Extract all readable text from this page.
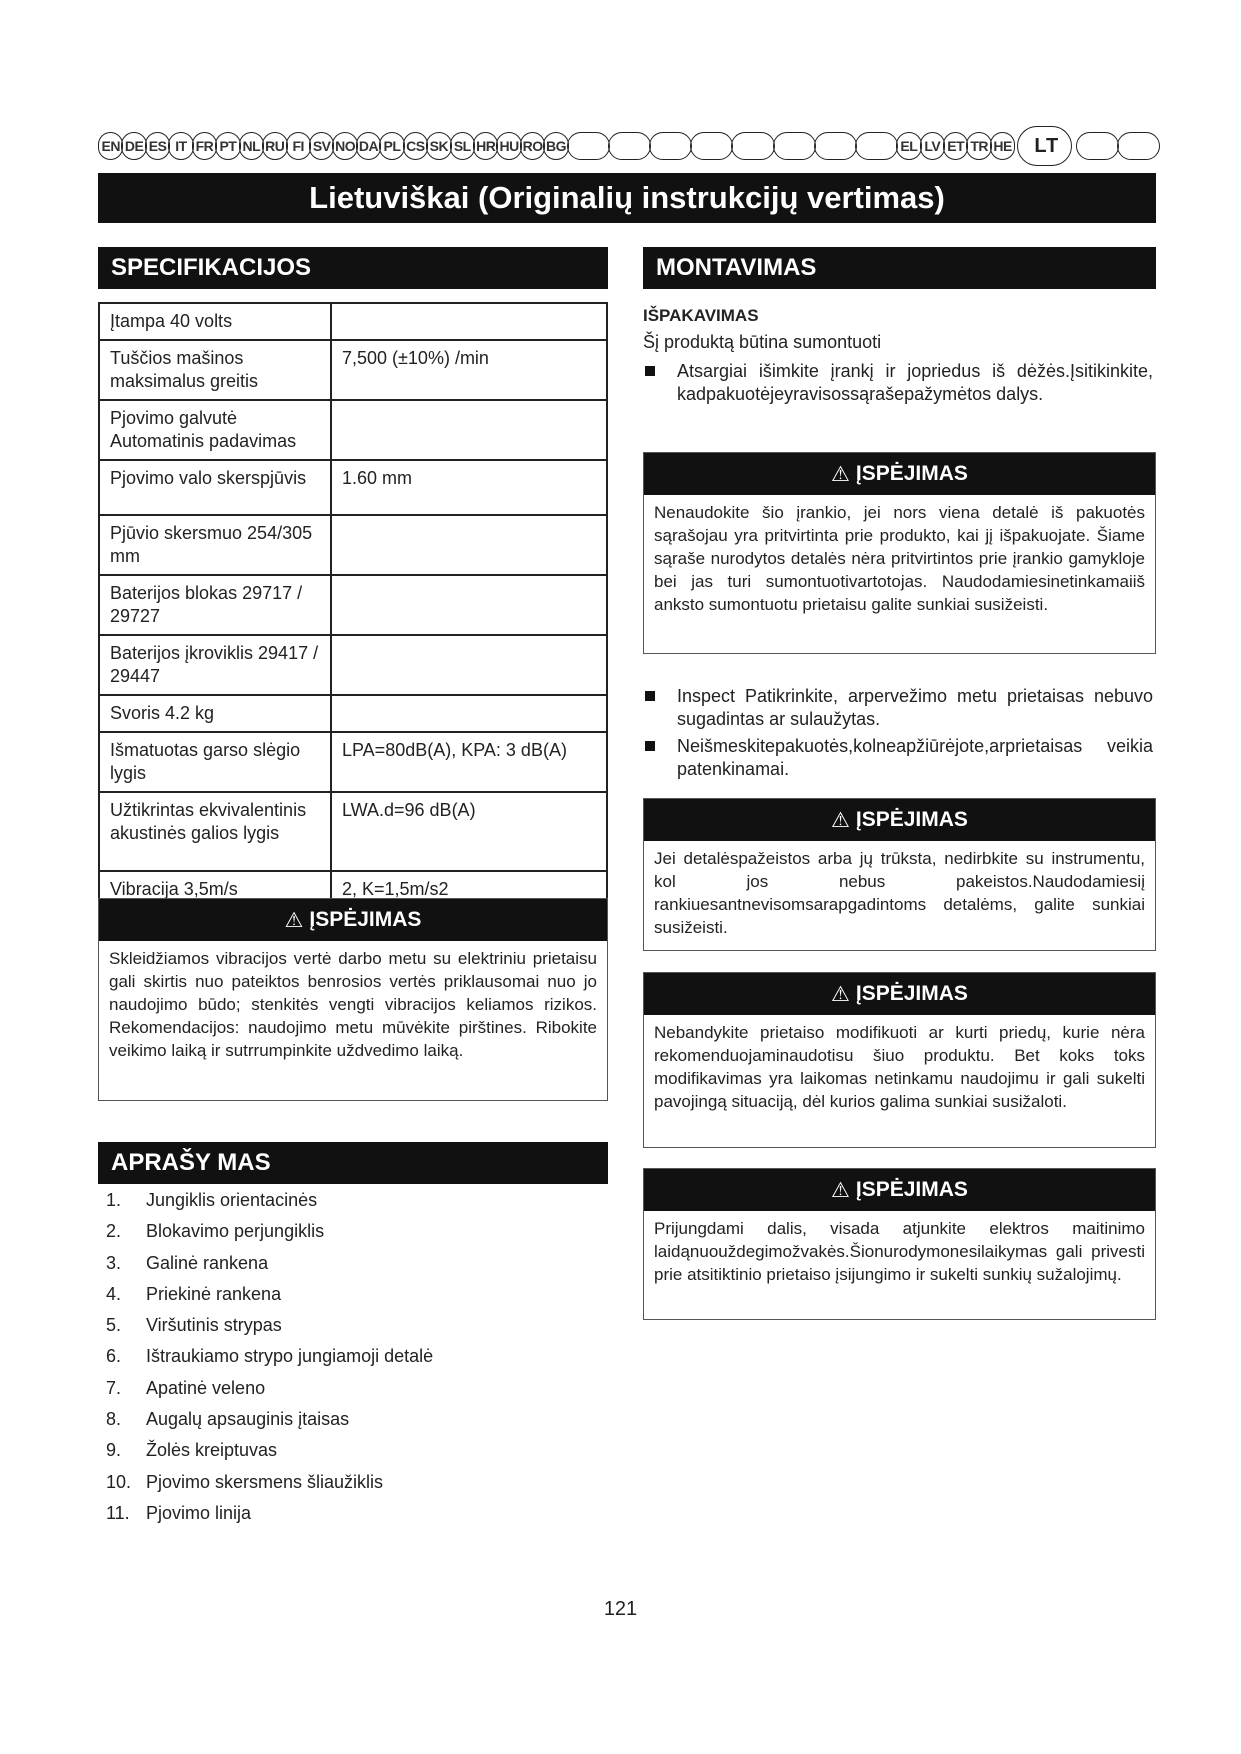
EN DE ES IT FR PT NL RU FI SV NO DA PL CS SK SL HR HU RO BG	EL LV ET TR HE	LT
Lietuviškai (Originalių instrukcijų vertimas)
SPECIFIKACIJOS
Įtampa 40 volts	
Tuščios mašinos maksimalus greitis	7,500 (±10%) /min
Pjovimo galvutė Automatinis padavimas	
Pjovimo valo skerspjūvis	1.60 mm
Pjūvio skersmuo 254/305 mm	
Baterijos blokas 29717 / 29727	
Baterijos įkroviklis 29417 / 29447	
Svoris 4.2 kg	
Išmatuotas garso slėgio lygis	LPA=80dB(A), KPA: 3 dB(A)
Užtikrintas ekvivalentinis akustinės galios lygis	LWA.d=96 dB(A)
Vibracija 3,5m/s	2, K=1,5m/s2
⚠ ĮSPĖJIMAS
Skleidžiamos vibracijos vertė darbo metu su elektriniu prietaisu gali skirtis nuo pateiktos benrosios vertės priklausomai nuo jo naudojimo būdo; stenkitės vengti vibracijos keliamos rizikos. Rekomendacijos: naudojimo metu mūvėkite pirštines. Ribokite veikimo laiką ir sutrrumpinkite uždvedimo laiką.
APRAŠY MAS
1.	Jungiklis orientacinės
2.	Blokavimo perjungiklis
3.	Galinė rankena
4.	Priekinė rankena
5.	Viršutinis strypas
6.	Ištraukiamo strypo jungiamoji detalė
7.	Apatinė veleno
8.	Augalų apsauginis įtaisas
9.	Žolės kreiptuvas
10. Pjovimo skersmens šliaužiklis
11. Pjovimo linija
MONTAVIMAS
IŠPAKAVIMAS
Šį produktą būtina sumontuoti
Atsargiai išimkite įrankį ir jopriedus iš dėžės.Įsitikinkite, kadpakuotėjeyravisossąrašepažymėtos dalys.
⚠ ĮSPĖJIMAS
Nenaudokite šio įrankio, jei nors viena detalė iš pakuotės sąrašojau yra pritvirtinta prie produkto, kai jį išpakuojate. Šiame sąraše nurodytos detalės nėra pritvirtintos prie įrankio gamykloje bei jas turi sumontuotivartotojas. Naudodamiesinetinkamaiiš anksto sumontuotu prietaisu galite sunkiai susižeisti.
Inspect Patikrinkite, arpervežimo metu prietaisas nebuvo sugadintas ar sulaužytas.
Neišmeskitepakuotės,kolneapžiūrėjote,arprietaisas veikia patenkinamai.
⚠ ĮSPĖJIMAS
Jei detalėspažeistos arba jų trūksta, nedirbkite su instrumentu, kol jos nebus pakeistos.Naudodamiesiį rankiuesantnevisomsarapgadintoms detalėms, galite sunkiai susižeisti.
⚠ ĮSPĖJIMAS
Nebandykite prietaiso modifikuoti ar kurti priedų, kurie nėra rekomenduojaminaudotisu šiuo produktu. Bet koks toks modifikavimas yra laikomas netinkamu naudojimu ir gali sukelti pavojingą situaciją, dėl kurios galima sunkiai susižaloti.
⚠ ĮSPĖJIMAS
Prijungdami dalis, visada atjunkite elektros maitinimo laidąnuouždegimožvakės.Šionurodymonesilaikymas gali privesti prie atsitiktinio prietaiso įsijungimo ir sukelti sunkių sužalojimų.
121
